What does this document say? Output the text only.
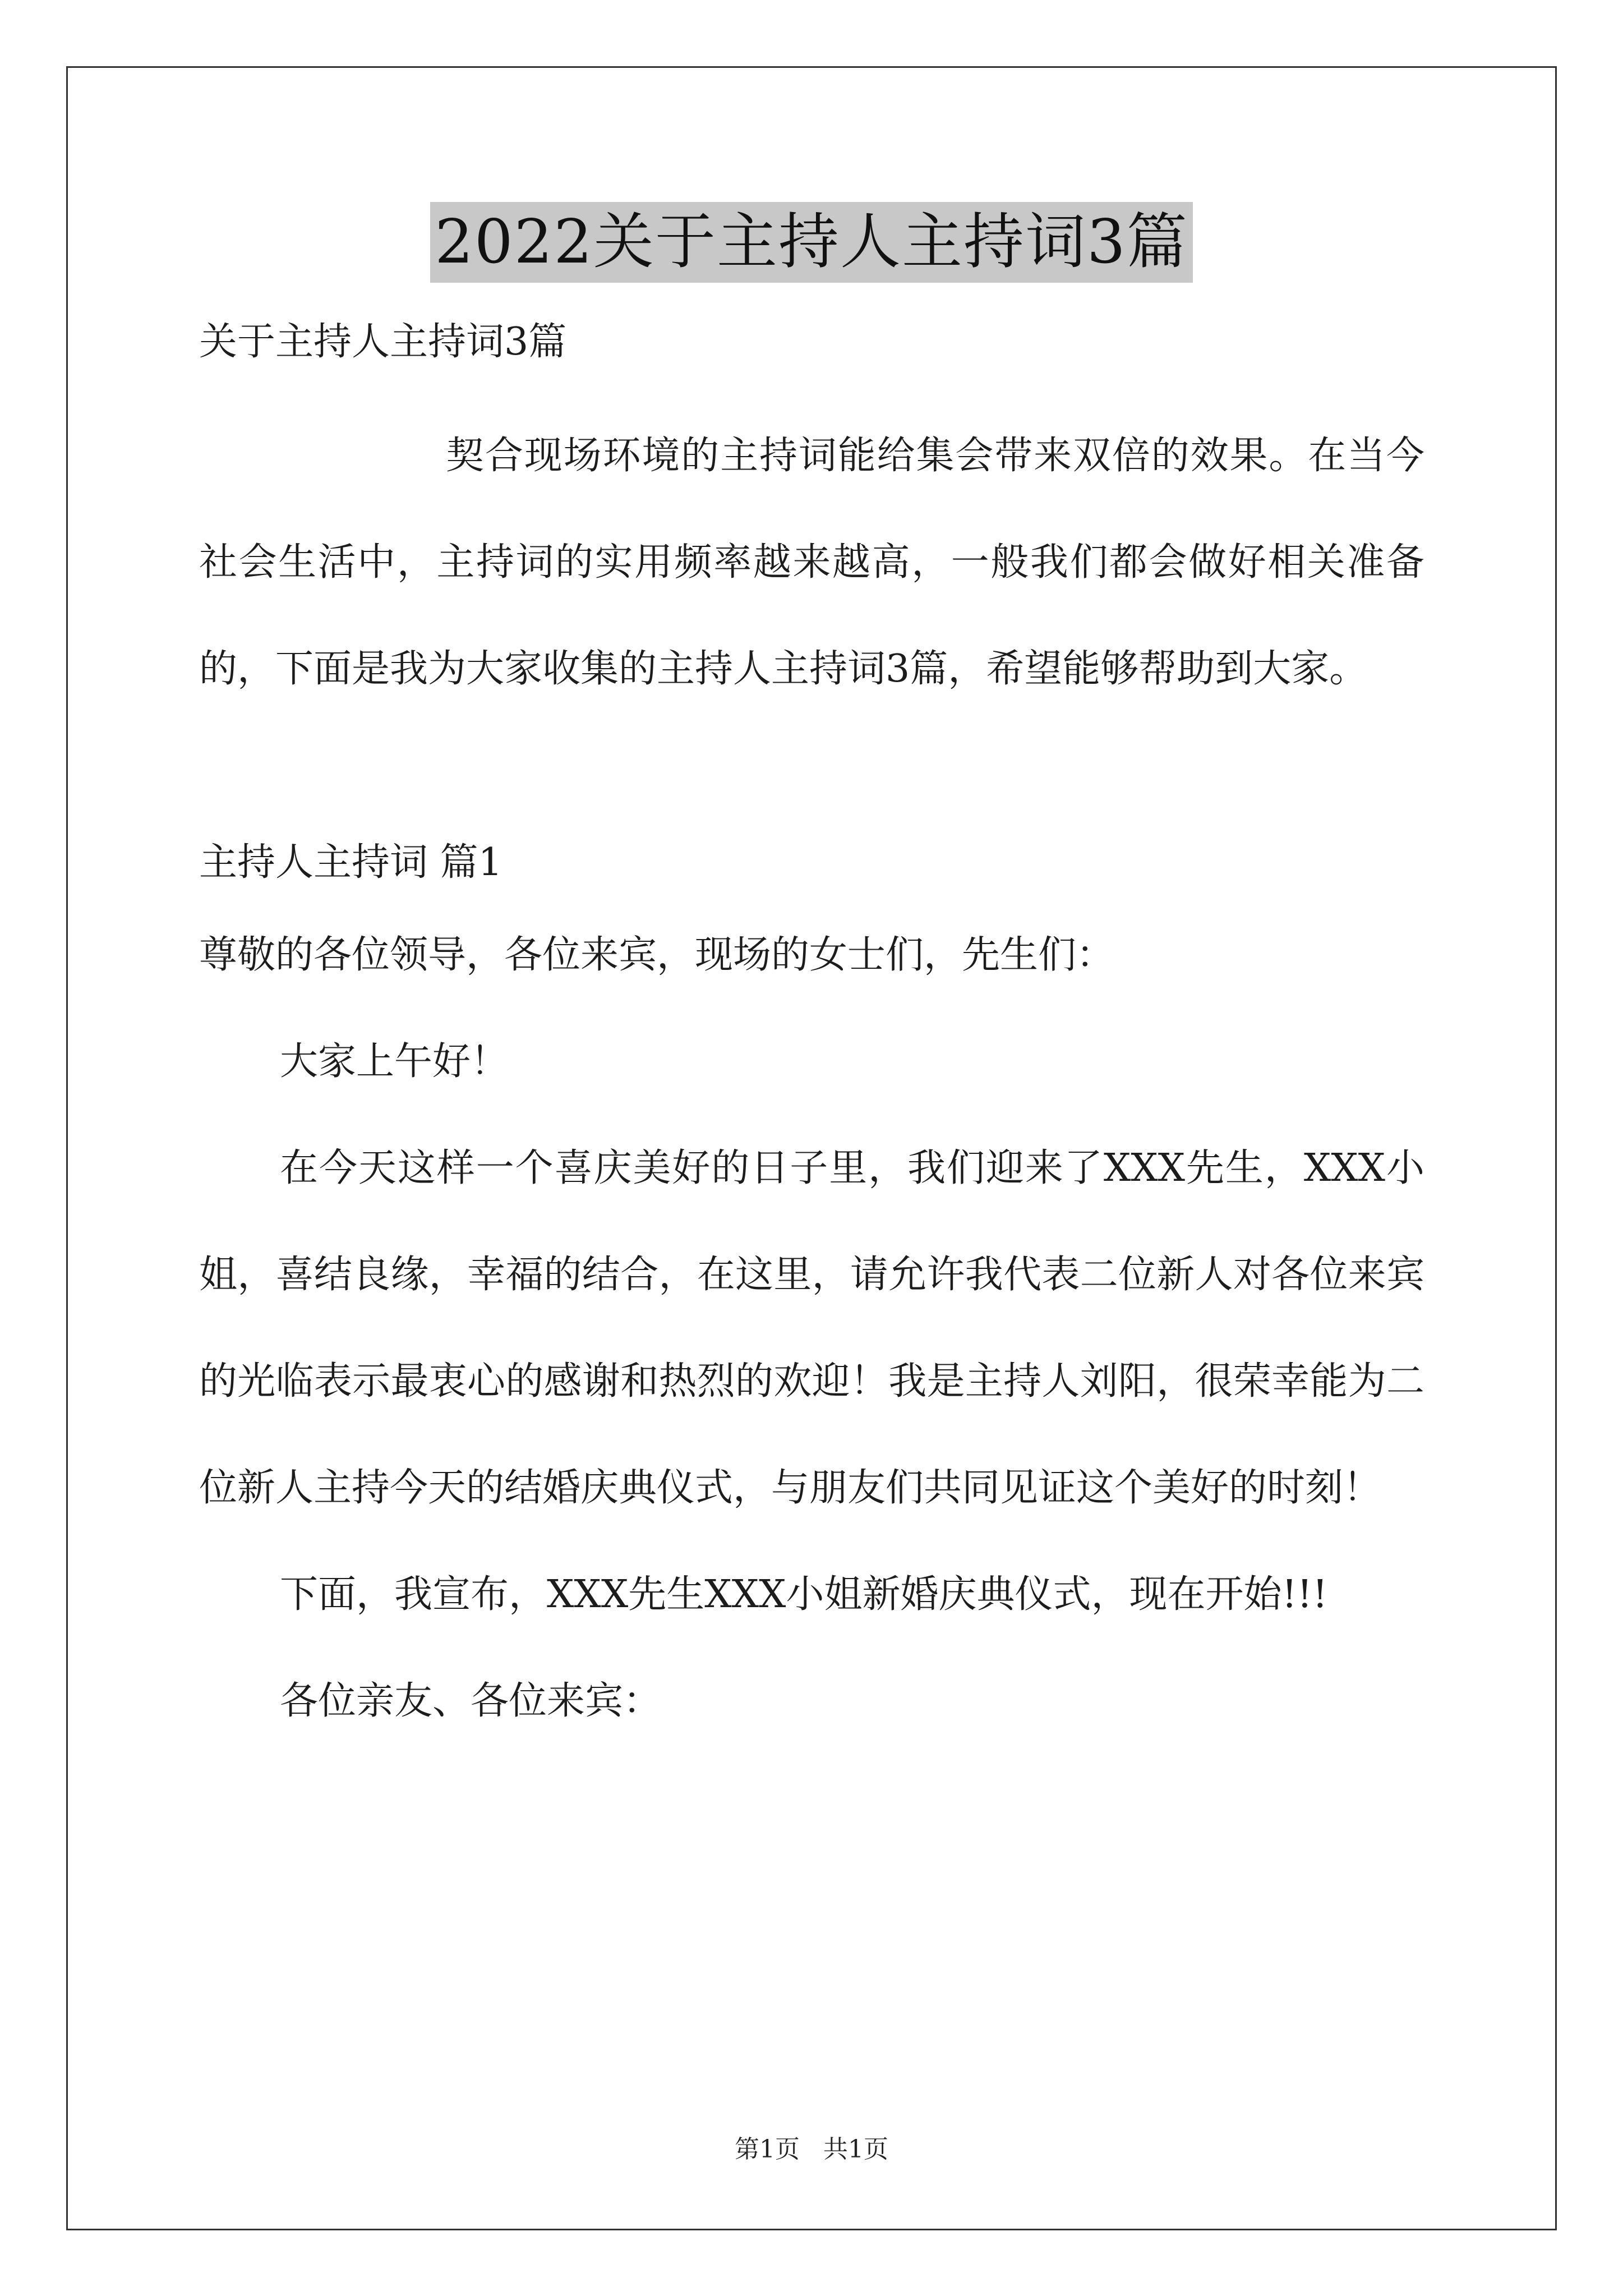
2022关于主持人主持词3篇

关于主持人主持词3篇

契合现场环境的主持词能给集会带来双倍的效果。在当今社会生活中，主持词的实用频率越来越高，一般我们都会做好相关准备的，下面是我为大家收集的主持人主持词3篇，希望能够帮助到大家。

主持人主持词 篇1

尊敬的各位领导，各位来宾，现场的女士们，先生们：

大家上午好！

在今天这样一个喜庆美好的日子里，我们迎来了XXX先生，XXX小姐，喜结良缘，幸福的结合，在这里，请允许我代表二位新人对各位来宾的光临表示最衷心的感谢和热烈的欢迎！我是主持人刘阳，很荣幸能为二位新人主持今天的结婚庆典仪式，与朋友们共同见证这个美好的时刻！

下面，我宣布，XXX先生XXX小姐新婚庆典仪式，现在开始!!!

各位亲友、各位来宾：

第1页   共1页
